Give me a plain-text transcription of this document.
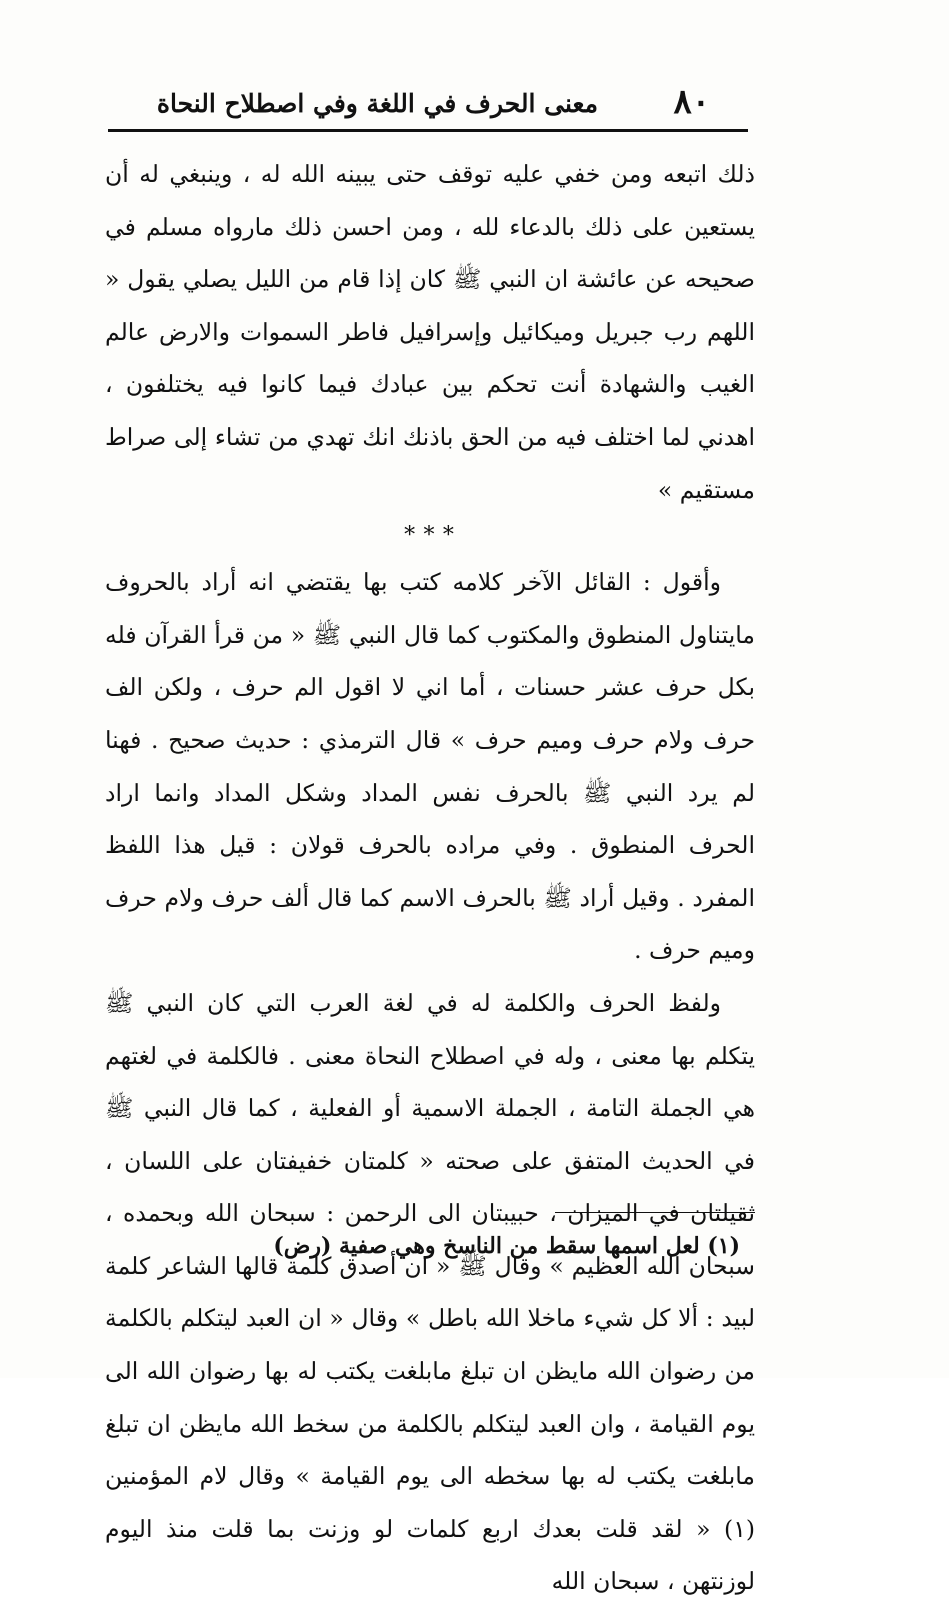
٨٠
معنى الحرف في اللغة وفي اصطلاح النحاة

ذلك اتبعه ومن خفي عليه توقف حتى يبينه الله له ، وينبغي له أن يستعين على ذلك بالدعاء لله ، ومن احسن ذلك مارواه مسلم في صحيحه عن عائشة ان النبي ﷺ كان إذا قام من الليل يصلي يقول « اللهم رب جبريل وميكائيل وإسرافيل فاطر السموات والارض عالم الغيب والشهادة أنت تحكم بين عبادك فيما كانوا فيه يختلفون ، اهدني لما اختلف فيه من الحق باذنك انك تهدي من تشاء إلى صراط مستقيم »

* * *

وأقول : القائل الآخر كلامه كتب بها يقتضي انه أراد بالحروف مايتناول المنطوق والمكتوب كما قال النبي ﷺ « من قرأ القرآن فله بكل حرف عشر حسنات ، أما اني لا اقول الم حرف ، ولكن الف حرف ولام حرف وميم حرف » قال الترمذي : حديث صحيح . فهنا لم يرد النبي ﷺ بالحرف نفس المداد وشكل المداد وانما اراد الحرف المنطوق . وفي مراده بالحرف قولان : قيل هذا اللفظ المفرد . وقيل أراد ﷺ بالحرف الاسم كما قال ألف حرف ولام حرف وميم حرف .

ولفظ الحرف والكلمة له في لغة العرب التي كان النبي ﷺ يتكلم بها معنى ، وله في اصطلاح النحاة معنى . فالكلمة في لغتهم هي الجملة التامة ، الجملة الاسمية أو الفعلية ، كما قال النبي ﷺ في الحديث المتفق على صحته « كلمتان خفيفتان على اللسان ، ثقيلتان في الميزان ، حبيبتان الى الرحمن : سبحان الله وبحمده ، سبحان الله العظيم » وقال ﷺ « ان أصدق كلمة قالها الشاعر كلمة لبيد : ألا كل شيء ماخلا الله باطل » وقال « ان العبد ليتكلم بالكلمة من رضوان الله مايظن ان تبلغ مابلغت يكتب له بها رضوان الله الى يوم القيامة ، وان العبد ليتكلم بالكلمة من سخط الله مايظن ان تبلغ مابلغت يكتب له بها سخطه الى يوم القيامة » وقال لام المؤمنين (١) « لقد قلت بعدك اربع كلمات لو وزنت بما قلت منذ اليوم لوزنتهن ، سبحان الله

(١) لعل اسمها سقط من الناسخ وهي صفية (رض)
